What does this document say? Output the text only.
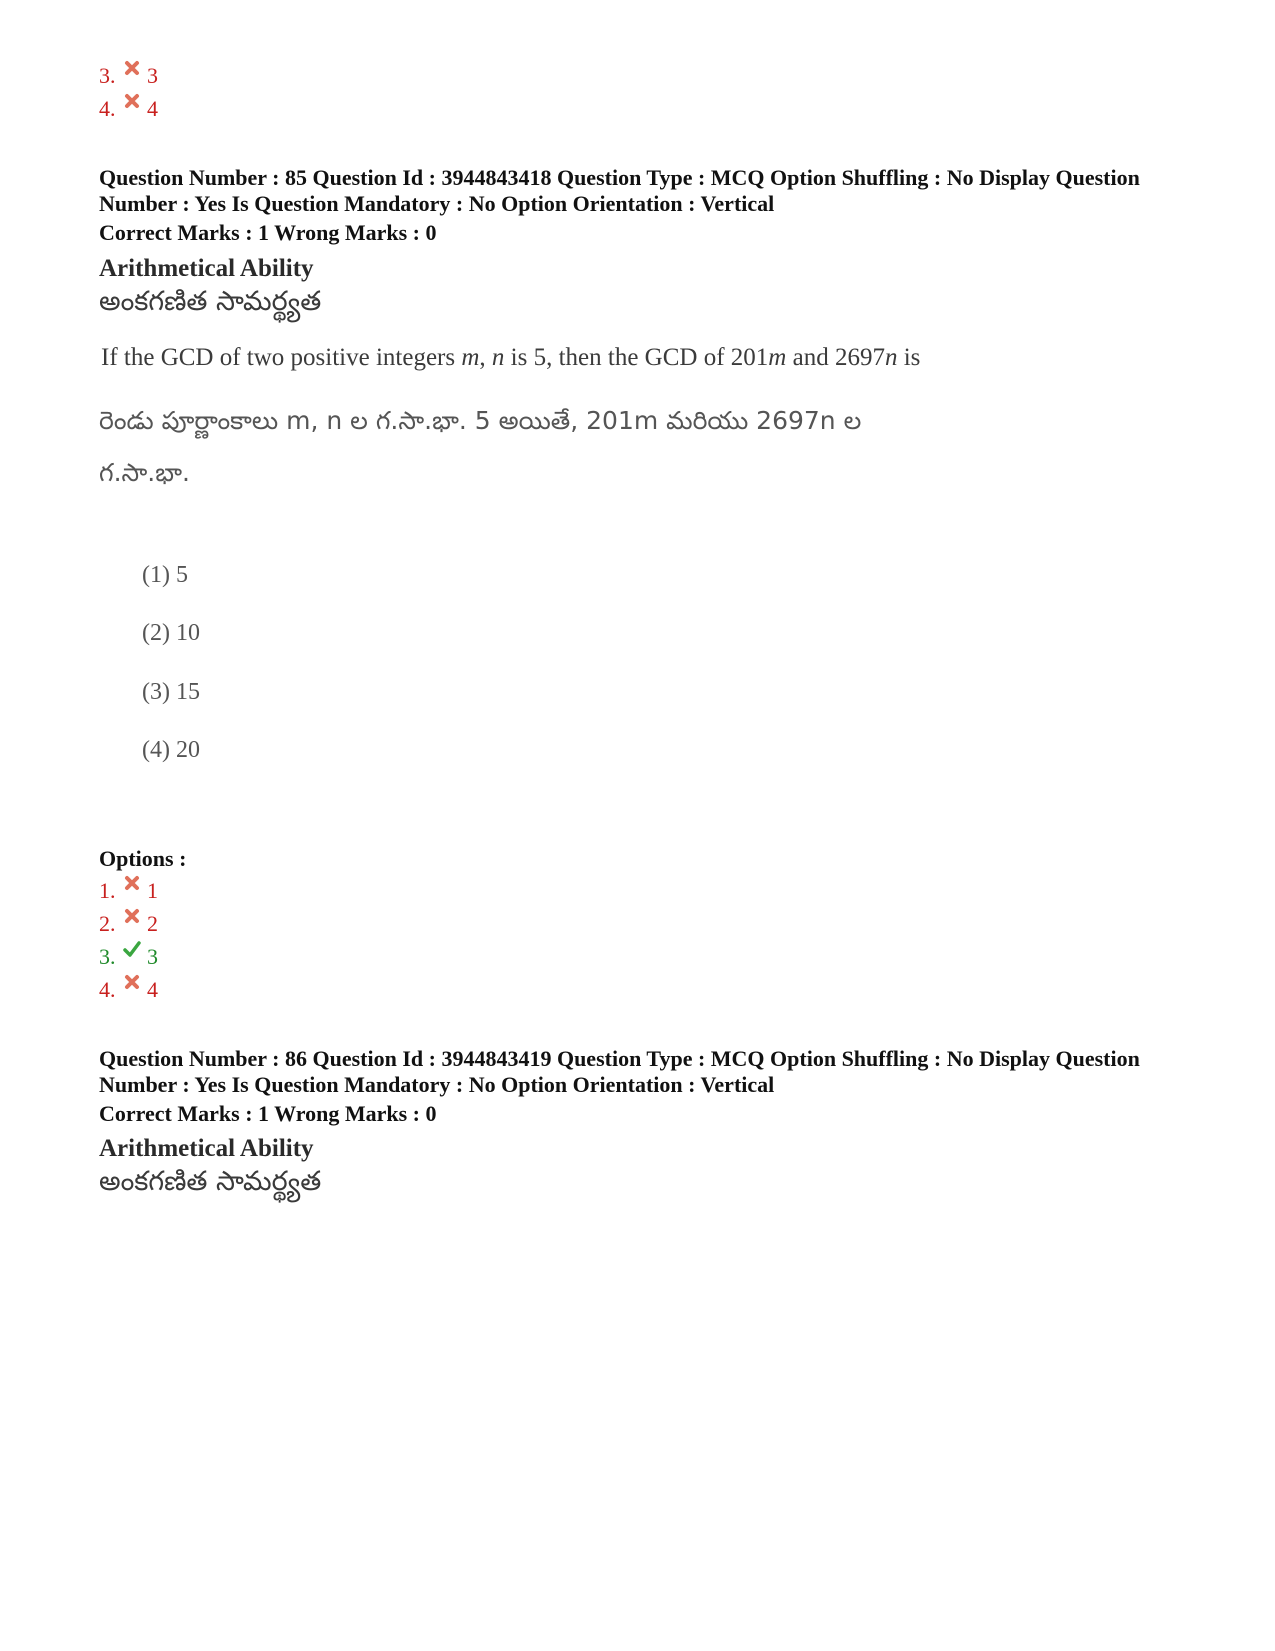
3.	3
4.	4
Question Number : 85 Question Id : 3944843418 Question Type : MCQ Option Shuffling : No Display Question
Number : Yes Is Question Mandatory : No Option Orientation : Vertical
Correct Marks : 1 Wrong Marks : 0
Arithmetical Ability
అంకగణిత సామర్థ్యత
If the GCD of two positive integers m, n is 5, then the GCD of 201m and 2697n is
రెండు పూర్ణాంకాలు m, n ల గ.సా.భా. 5 అయితే, 201m మరియు 2697n ల
గ.సా.భా.
(1) 5
(2) 10
(3) 15
(4) 20
Options :
1.	1
2.	2
3.	3
4.	4
Question Number : 86 Question Id : 3944843419 Question Type : MCQ Option Shuffling : No Display Question
Number : Yes Is Question Mandatory : No Option Orientation : Vertical
Correct Marks : 1 Wrong Marks : 0
Arithmetical Ability
అంకగణిత సామర్థ్యత
